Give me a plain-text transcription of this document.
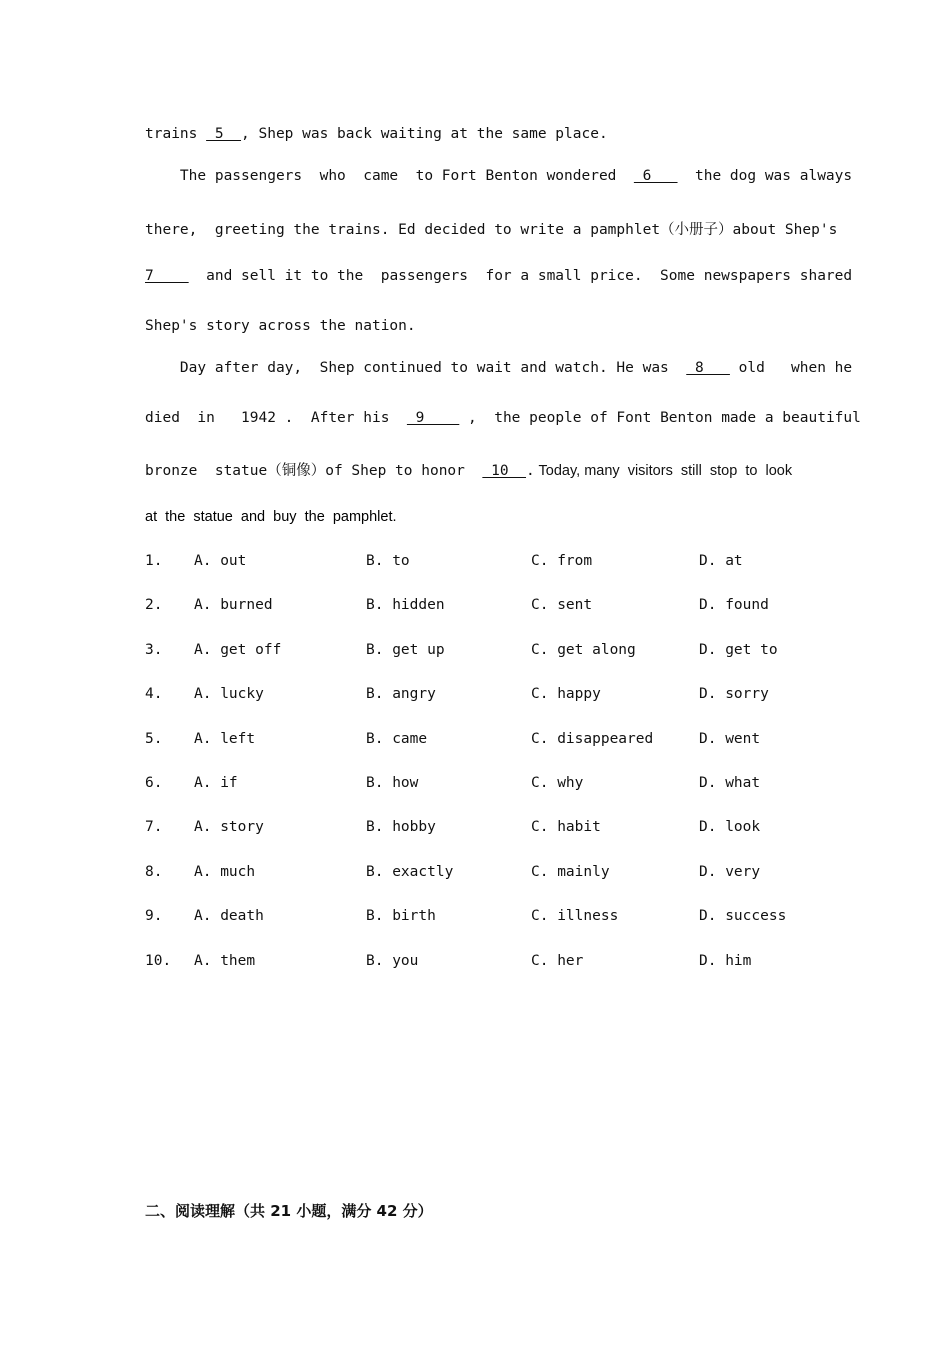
trains  5  , Shep was back waiting at the same place.
The passengers  who  came  to Fort Benton wondered   6     the dog was always
there,  greeting the trains. Ed decided to write a pamphlet（小册子）about Shep's
7      and sell it to the  passengers  for a small price.  Some newspapers shared
Shep's story across the nation.
Day after day,  Shep continued to wait and watch. He was   8    old   when he
died  in   1942 .  After his   9     ,  the people of Font Benton made a beautiful
bronze  statue（铜像）of Shep to honor   10  . Today, many  visitors  still  stop  to  look
at  the  statue  and  buy  the  pamphlet.
1. A. out	B. to	C. from	D. at
2. A. burned	B. hidden	C. sent	D. found
3. A. get off	B. get up	C. get along	D. get to
4. A. lucky	B. angry	C. happy	D. sorry
5. A. left	B. came	C. disappeared	D. went
6. A. if	B. how	C. why	D. what
7. A. story	B. hobby	C. habit	D. look
8. A. much	B. exactly	C. mainly	D. very
9. A. death	B. birth	C. illness	D. success
10. A. them	B. you	C. her	D. him
二、阅读理解（共 21 小题，满分 42 分）
